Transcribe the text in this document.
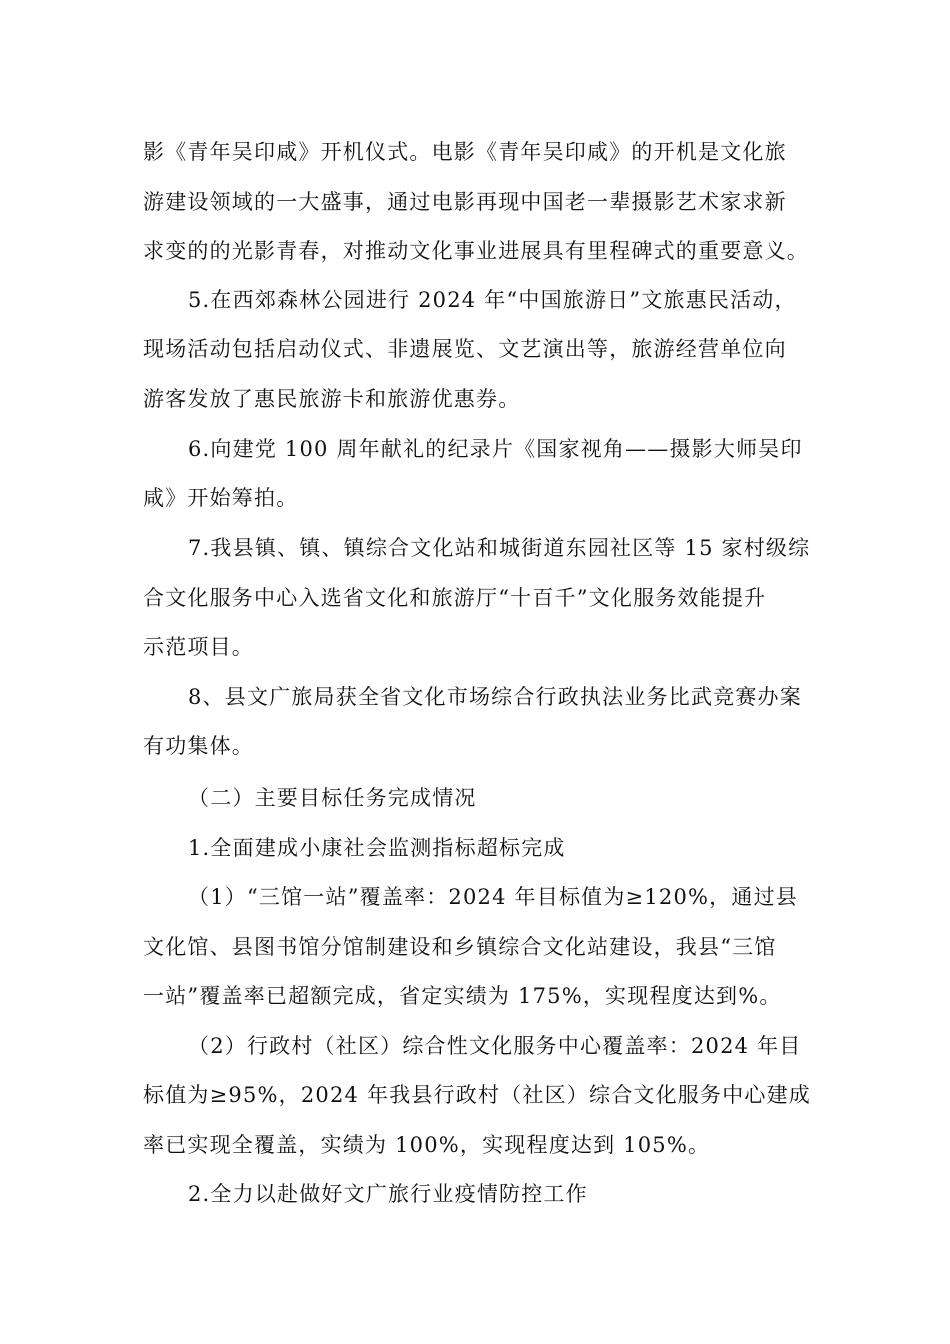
影《青年吴印咸》开机仪式。电影《青年吴印咸》的开机是文化旅
游建设领域的一大盛事，通过电影再现中国老一辈摄影艺术家求新
求变的的光影青春，对推动文化事业进展具有里程碑式的重要意义。
5.在西郊森林公园进行 2024 年“中国旅游日”文旅惠民活动，
现场活动包括启动仪式、非遗展览、文艺演出等，旅游经营单位向
游客发放了惠民旅游卡和旅游优惠券。
6.向建党 100 周年献礼的纪录片《国家视角——摄影大师吴印
咸》开始筹拍。
7.我县镇、镇、镇综合文化站和城街道东园社区等 15 家村级综
合文化服务中心入选省文化和旅游厅“十百千”文化服务效能提升
示范项目。
8、县文广旅局获全省文化市场综合行政执法业务比武竞赛办案
有功集体。
（二）主要目标任务完成情况
1.全面建成小康社会监测指标超标完成
（1）“三馆一站”覆盖率：2024 年目标值为≥120%，通过县
文化馆、县图书馆分馆制建设和乡镇综合文化站建设，我县“三馆
一站”覆盖率已超额完成，省定实绩为 175%，实现程度达到%。
（2）行政村（社区）综合性文化服务中心覆盖率：2024 年目
标值为≥95%，2024 年我县行政村（社区）综合文化服务中心建成
率已实现全覆盖，实绩为 100%，实现程度达到 105%。
2.全力以赴做好文广旅行业疫情防控工作
